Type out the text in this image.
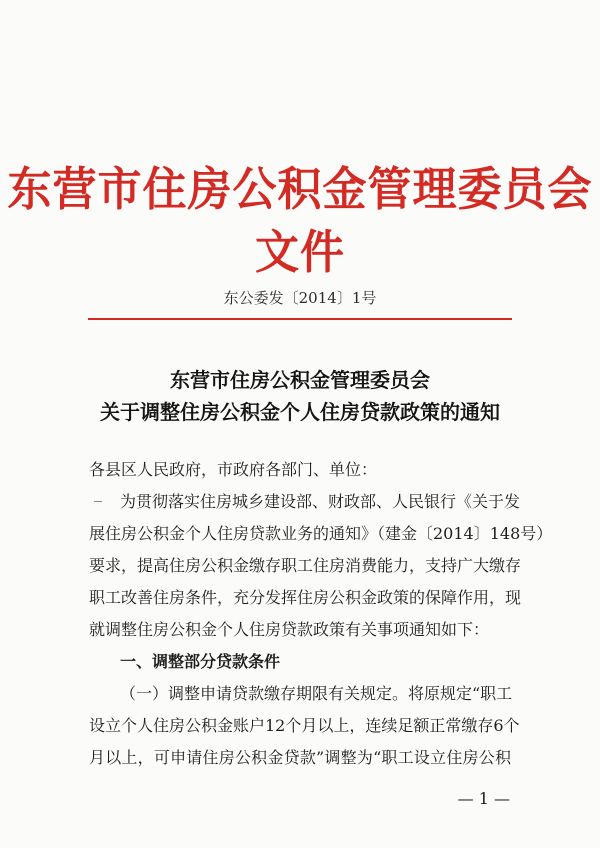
东营市住房公积金管理委员会文件
东公委发〔2014〕1号
东营市住房公积金管理委员会
关于调整住房公积金个人住房贷款政策的通知
各县区人民政府，市政府各部门、单位：
为贯彻落实住房城乡建设部、财政部、人民银行《关于发
展住房公积金个人住房贷款业务的通知》（建金〔2014〕148号）
要求，提高住房公积金缴存职工住房消费能力，支持广大缴存
职工改善住房条件，充分发挥住房公积金政策的保障作用，现
就调整住房公积金个人住房贷款政策有关事项通知如下：
一、调整部分贷款条件
（一）调整申请贷款缴存期限有关规定。将原规定“职工
设立个人住房公积金账户12个月以上，连续足额正常缴存6个
月以上，可申请住房公积金贷款”调整为“职工设立住房公积
— 1 —
